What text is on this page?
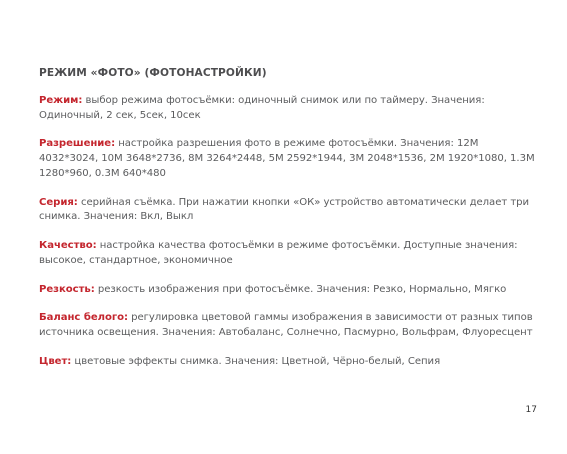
РЕЖИМ «ФОТО» (ФОТОНАСТРОЙКИ)
Режим: выбор режима фотосъёмки: одиночный снимок или по таймеру. Значения: Одиночный, 2 сек, 5сек, 10сек
Разрешение: настройка разрешения фото в режиме фотосъёмки. Значения: 12М 4032*3024, 10М 3648*2736, 8М 3264*2448, 5М 2592*1944, 3М 2048*1536, 2М 1920*1080, 1.3М 1280*960, 0.3М 640*480
Серия: серийная съёмка. При нажатии кнопки «ОК» устройство автоматически делает три снимка. Значения: Вкл, Выкл
Качество: настройка качества фотосъёмки в режиме фотосъёмки. Доступные значения: высокое, стандартное, экономичное
Резкость: резкость изображения при фотосъёмке. Значения: Резко, Нормально, Мягко
Баланс белого: регулировка цветовой гаммы изображения в зависимости от разных типов источника освещения. Значения: Автобаланс, Солнечно, Пасмурно, Вольфрам, Флуоресцент
Цвет: цветовые эффекты снимка. Значения: Цветной, Чёрно-белый, Сепия
17
